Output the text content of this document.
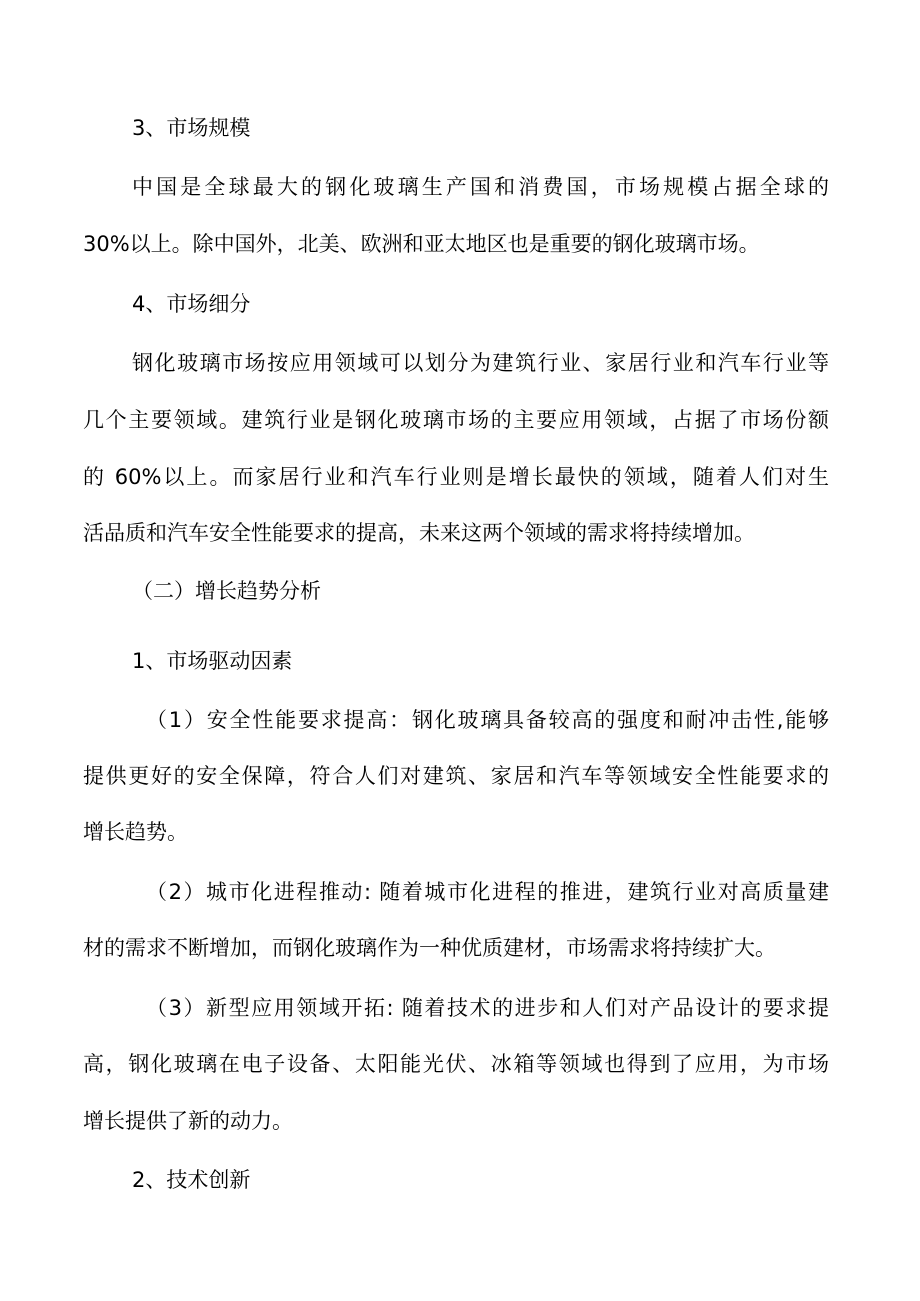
3、市场规模

中国是全球最大的钢化玻璃生产国和消费国，市场规模占据全球的

30%以上。除中国外，北美、欧洲和亚太地区也是重要的钢化玻璃市场。

4、市场细分

钢化玻璃市场按应用领域可以划分为建筑行业、家居行业和汽车行业等

几个主要领域。建筑行业是钢化玻璃市场的主要应用领域，占据了市场份额

的 60%以上。而家居行业和汽车行业则是增长最快的领域，随着人们对生

活品质和汽车安全性能要求的提高，未来这两个领域的需求将持续增加。

（二）增长趋势分析

1、市场驱动因素

（1）安全性能要求提高：钢化玻璃具备较高的强度和耐冲击性,能够

提供更好的安全保障，符合人们对建筑、家居和汽车等领域安全性能要求的

增长趋势。

（2）城市化进程推动: 随着城市化进程的推进，建筑行业对高质量建

材的需求不断增加，而钢化玻璃作为一种优质建材，市场需求将持续扩大。

（3）新型应用领域开拓: 随着技术的进步和人们对产品设计的要求提

高，钢化玻璃在电子设备、太阳能光伏、冰箱等领域也得到了应用，为市场

增长提供了新的动力。

2、技术创新
